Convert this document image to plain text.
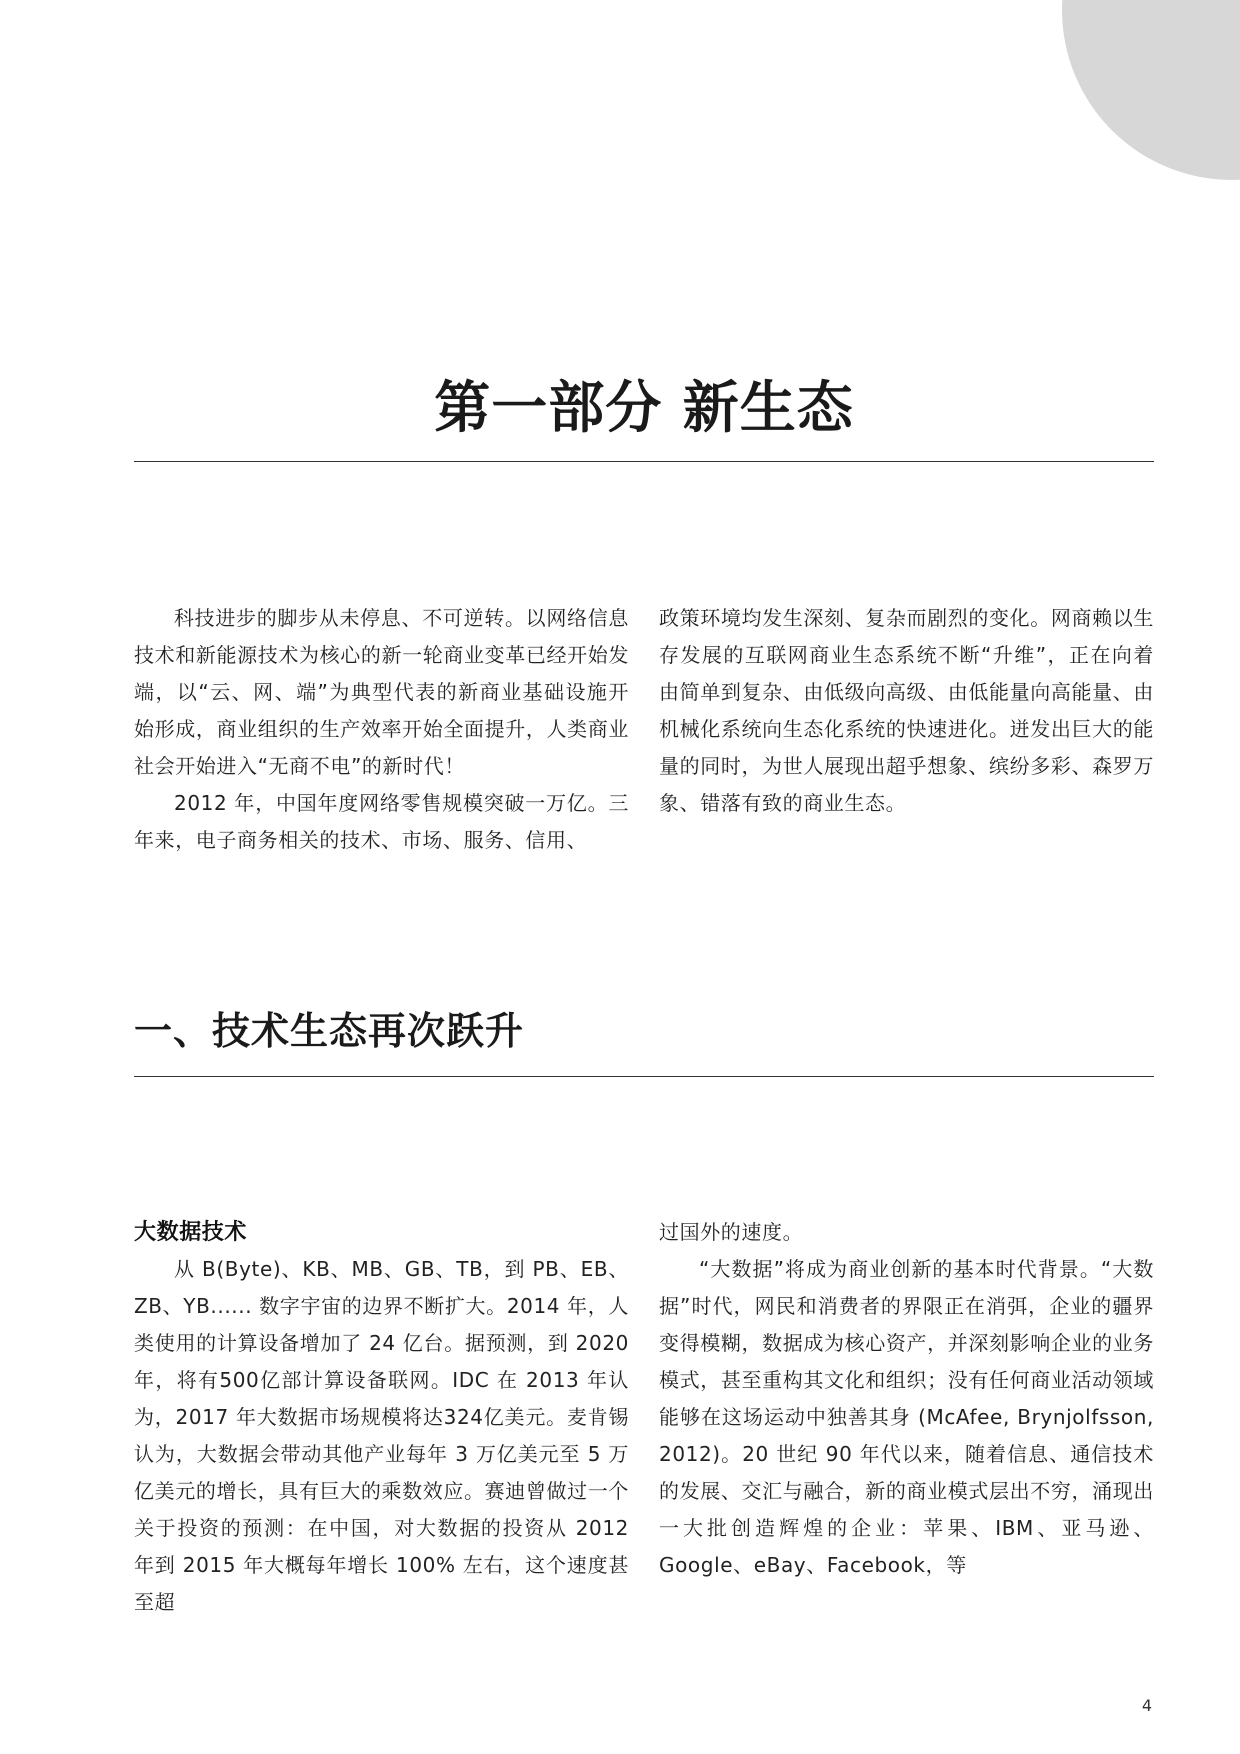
第一部分 新生态

科技进步的脚步从未停息、不可逆转。以网络信息技术和新能源技术为核心的新一轮商业变革已经开始发端，以“云、网、端”为典型代表的新商业基础设施开始形成，商业组织的生产效率开始全面提升，人类商业社会开始进入“无商不电”的新时代！

2012 年，中国年度网络零售规模突破一万亿。三年来，电子商务相关的技术、市场、服务、信用、

政策环境均发生深刻、复杂而剧烈的变化。网商赖以生存发展的互联网商业生态系统不断“升维”，正在向着由简单到复杂、由低级向高级、由低能量向高能量、由机械化系统向生态化系统的快速进化。迸发出巨大的能量的同时，为世人展现出超乎想象、缤纷多彩、森罗万象、错落有致的商业生态。

一、技术生态再次跃升

大数据技术

从 B(Byte)、KB、MB、GB、TB，到 PB、EB、ZB、YB...... 数字宇宙的边界不断扩大。2014 年，人类使用的计算设备增加了 24 亿台。据预测，到 2020 年，将有500亿部计算设备联网。IDC 在 2013 年认为，2017 年大数据市场规模将达324亿美元。麦肯锡认为，大数据会带动其他产业每年 3 万亿美元至 5 万亿美元的增长，具有巨大的乘数效应。赛迪曾做过一个关于投资的预测：在中国，对大数据的投资从 2012 年到 2015 年大概每年增长 100% 左右，这个速度甚至超

过国外的速度。

“大数据”将成为商业创新的基本时代背景。“大数据”时代，网民和消费者的界限正在消弭，企业的疆界变得模糊，数据成为核心资产，并深刻影响企业的业务模式，甚至重构其文化和组织；没有任何商业活动领域能够在这场运动中独善其身 (McAfee, Brynjolfsson, 2012)。20 世纪 90 年代以来，随着信息、通信技术的发展、交汇与融合，新的商业模式层出不穷，涌现出一大批创造辉煌的企业：苹果、IBM、亚马逊、Google、eBay、Facebook，等

4
